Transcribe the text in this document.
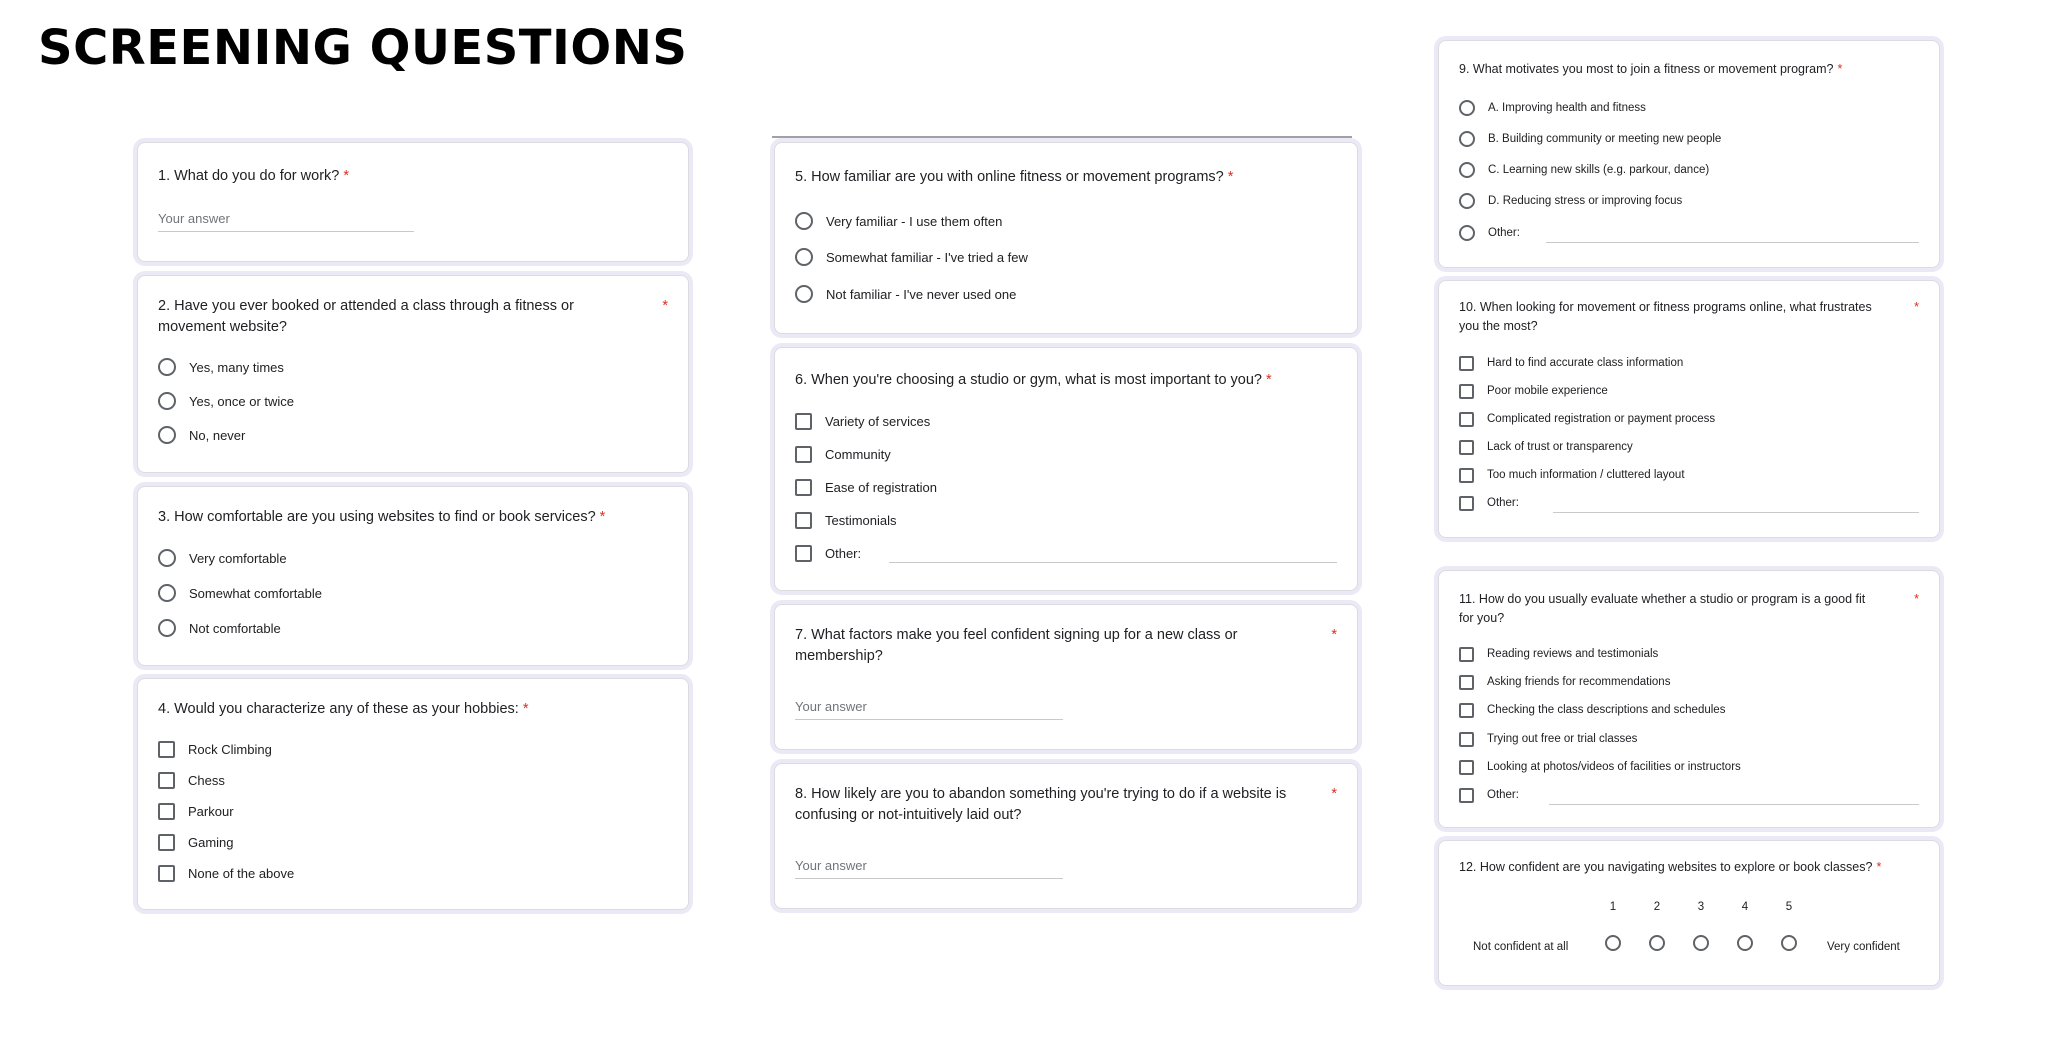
SCREENING QUESTIONS

1. What do you do for work? *

Your answer

2. Have you ever booked or attended a class through a fitness or movement website?
*

Yes, many times
Yes, once or twice
No, never

3. How comfortable are you using websites to find or book services? *

Very comfortable
Somewhat comfortable
Not comfortable

4. Would you characterize any of these as your hobbies: *

Rock Climbing
Chess
Parkour
Gaming
None of the above

5. How familiar are you with online fitness or movement programs? *

Very familiar - I use them often
Somewhat familiar - I've tried a few
Not familiar - I've never used one

6. When you're choosing a studio or gym, what is most important to you? *

Variety of services
Community
Ease of registration
Testimonials
Other:

7. What factors make you feel confident signing up for a new class or membership?
*

Your answer

8. How likely are you to abandon something you're trying to do if a website is confusing or not-intuitively laid out?
*

Your answer

9. What motivates you most to join a fitness or movement program? *

A. Improving health and fitness
B. Building community or meeting new people
C. Learning new skills (e.g. parkour, dance)
D. Reducing stress or improving focus
Other:

10. When looking for movement or fitness programs online, what frustrates you the most?
*

Hard to find accurate class information
Poor mobile experience
Complicated registration or payment process
Lack of trust or transparency
Too much information / cluttered layout
Other:

11. How do you usually evaluate whether a studio or program is a good fit for you?
*

Reading reviews and testimonials
Asking friends for recommendations
Checking the class descriptions and schedules
Trying out free or trial classes
Looking at photos/videos of facilities or instructors
Other:

12. How confident are you navigating websites to explore or book classes? *

Not confident at all
1	2	3	4	5
Very confident
